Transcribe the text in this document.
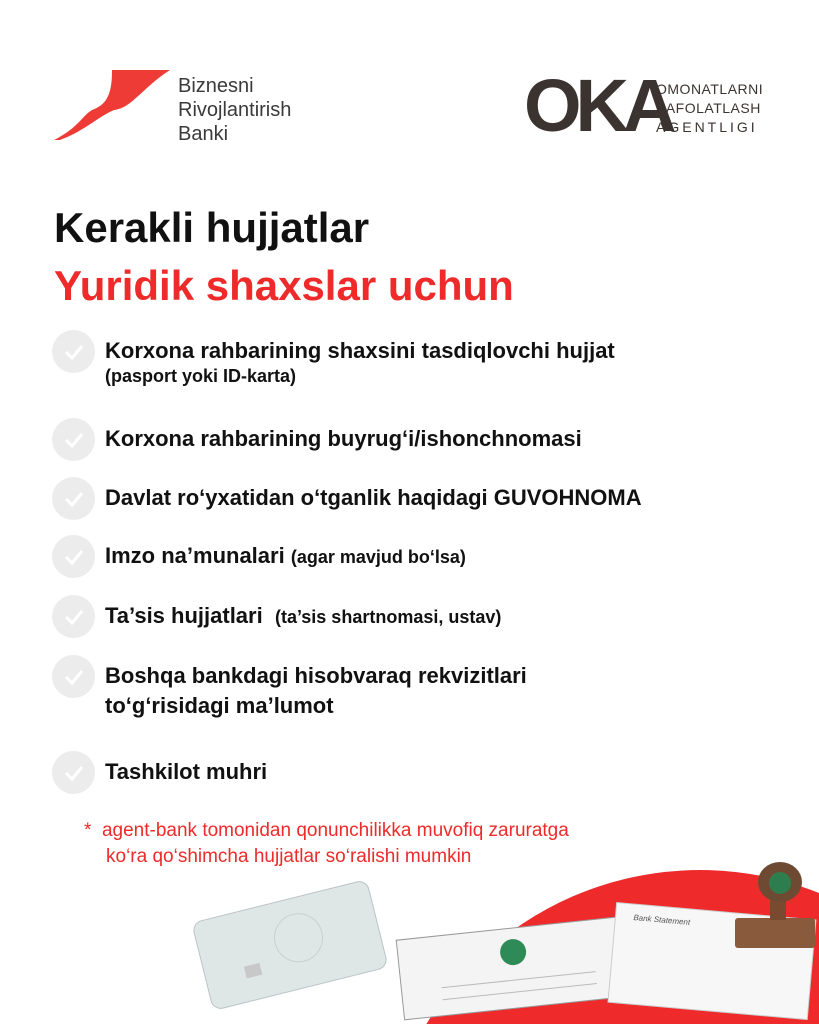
Biznesni
Rivojlantirish
Banki	OKA
OMONATLARNI
KAFOLATLASH
AGENTLIGI
Kerakli hujjatlar
Yuridik shaxslar uchun
Korxona rahbarining shaxsini tasdiqlovchi hujjat
(pasport yoki ID-karta)
Korxona rahbarining buyrug‘i/ishonchnomasi
Davlat ro‘yxatidan o‘tganlik haqidagi GUVOHNOMA
Imzo na’munalari (agar mavjud bo‘lsa)
Ta’sis hujjatlari (ta’sis shartnomasi, ustav)
Boshqa bankdagi hisobvaraq rekvizitlari
to‘g‘risidagi ma’lumot
Tashkilot muhri
* agent-bank tomonidan qonunchilikka muvofiq zaruratga
ko‘ra qo‘shimcha hujjatlar so‘ralishi mumkin
Bank Statement
